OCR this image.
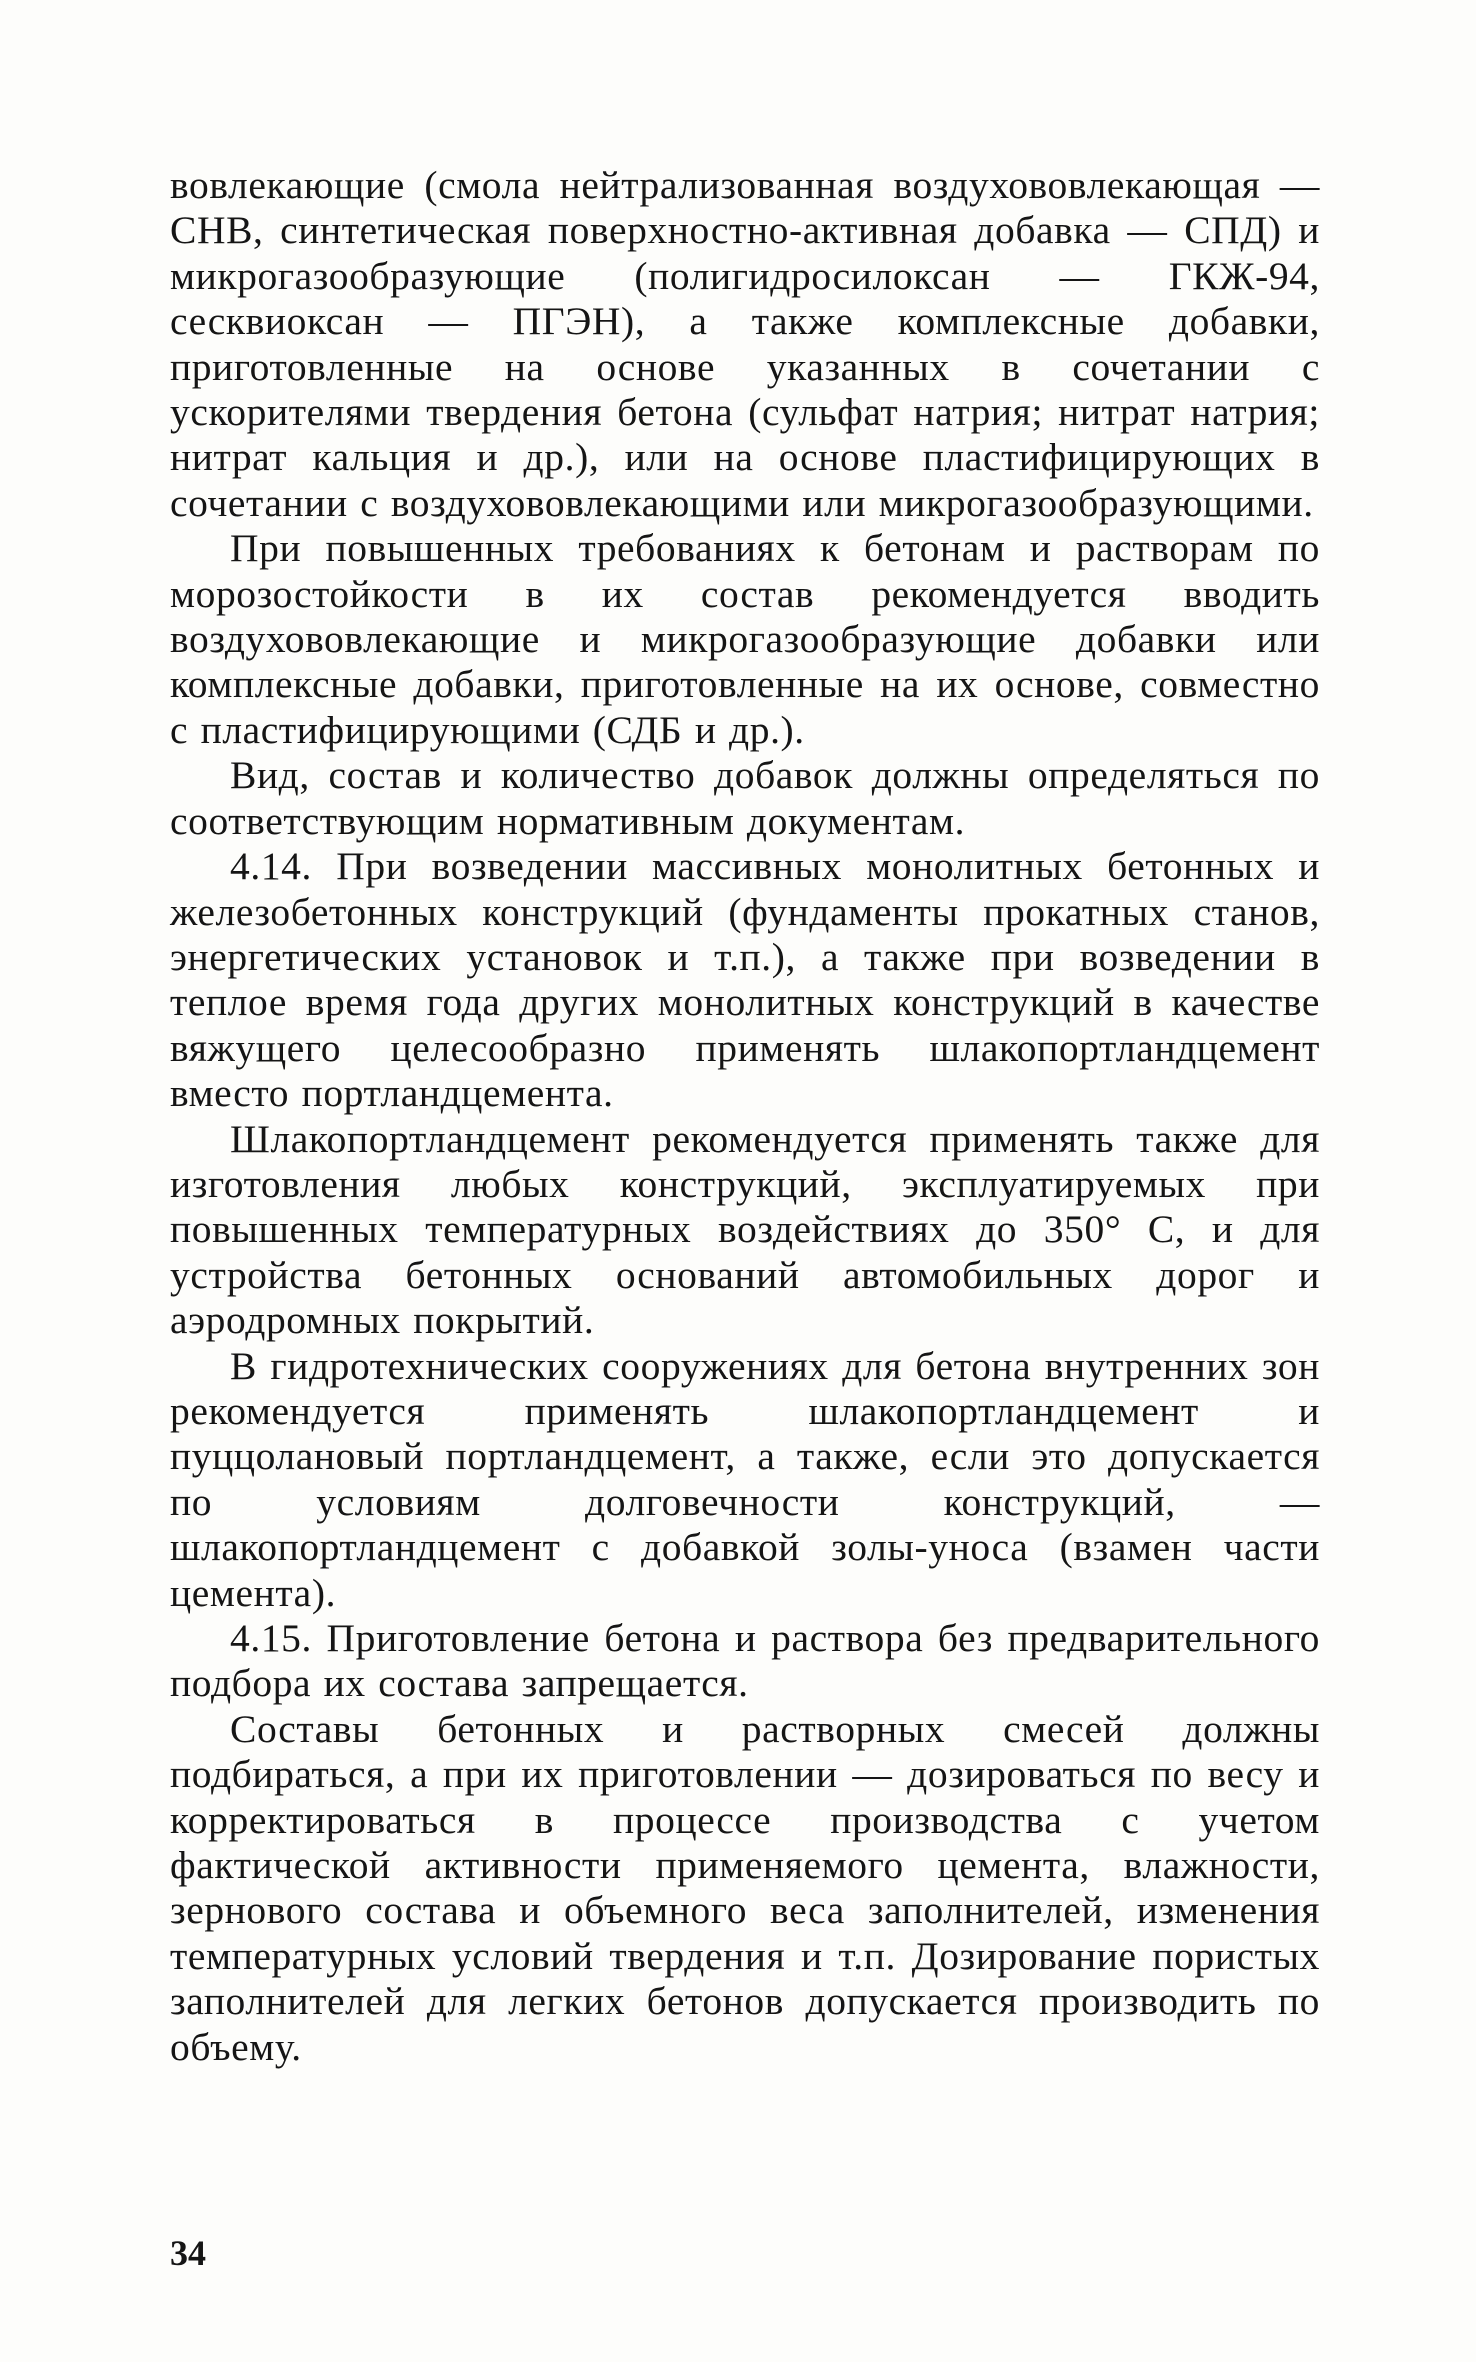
вовлекающие (смола нейтрализованная воздухововлекающая — СНВ, синтетическая поверхностно-активная добавка — СПД) и микрогазообразующие (полигидросилоксан — ГКЖ-94, сесквиоксан — ПГЭН), а также комплексные добавки, приготовленные на основе указанных в сочетании с ускорителями твердения бетона (сульфат натрия; нитрат натрия; нитрат кальция и др.), или на основе пластифицирующих в сочетании с воздухововлекающими или микрогазообразующими.

При повышенных требованиях к бетонам и растворам по морозостойкости в их состав рекомендуется вводить воздухововлекающие и микрогазообразующие добавки или комплексные добавки, приготовленные на их основе, совместно с пластифицирующими (СДБ и др.).

Вид, состав и количество добавок должны определяться по соответствующим нормативным документам.

4.14. При возведении массивных монолитных бетонных и железобетонных конструкций (фундаменты прокатных станов, энергетических установок и т.п.), а также при возведении в теплое время года других монолитных конструкций в качестве вяжущего целесообразно применять шлакопортландцемент вместо портландцемента.

Шлакопортландцемент рекомендуется применять также для изготовления любых конструкций, эксплуатируемых при повышенных температурных воздействиях до 350° С, и для устройства бетонных оснований автомобильных дорог и аэродромных покрытий.

В гидротехнических сооружениях для бетона внутренних зон рекомендуется применять шлакопортландцемент и пуццолановый портландцемент, а также, если это допускается по условиям долговечности конструкций, — шлакопортландцемент с добавкой золы-уноса (взамен части цемента).

4.15. Приготовление бетона и раствора без предварительного подбора их состава запрещается.

Составы бетонных и растворных смесей должны подбираться, а при их приготовлении — дозироваться по весу и корректироваться в процессе производства с учетом фактической активности применяемого цемента, влажности, зернового состава и объемного веса заполнителей, изменения температурных условий твердения и т.п. Дозирование пористых заполнителей для легких бетонов допускается производить по объему.

34
